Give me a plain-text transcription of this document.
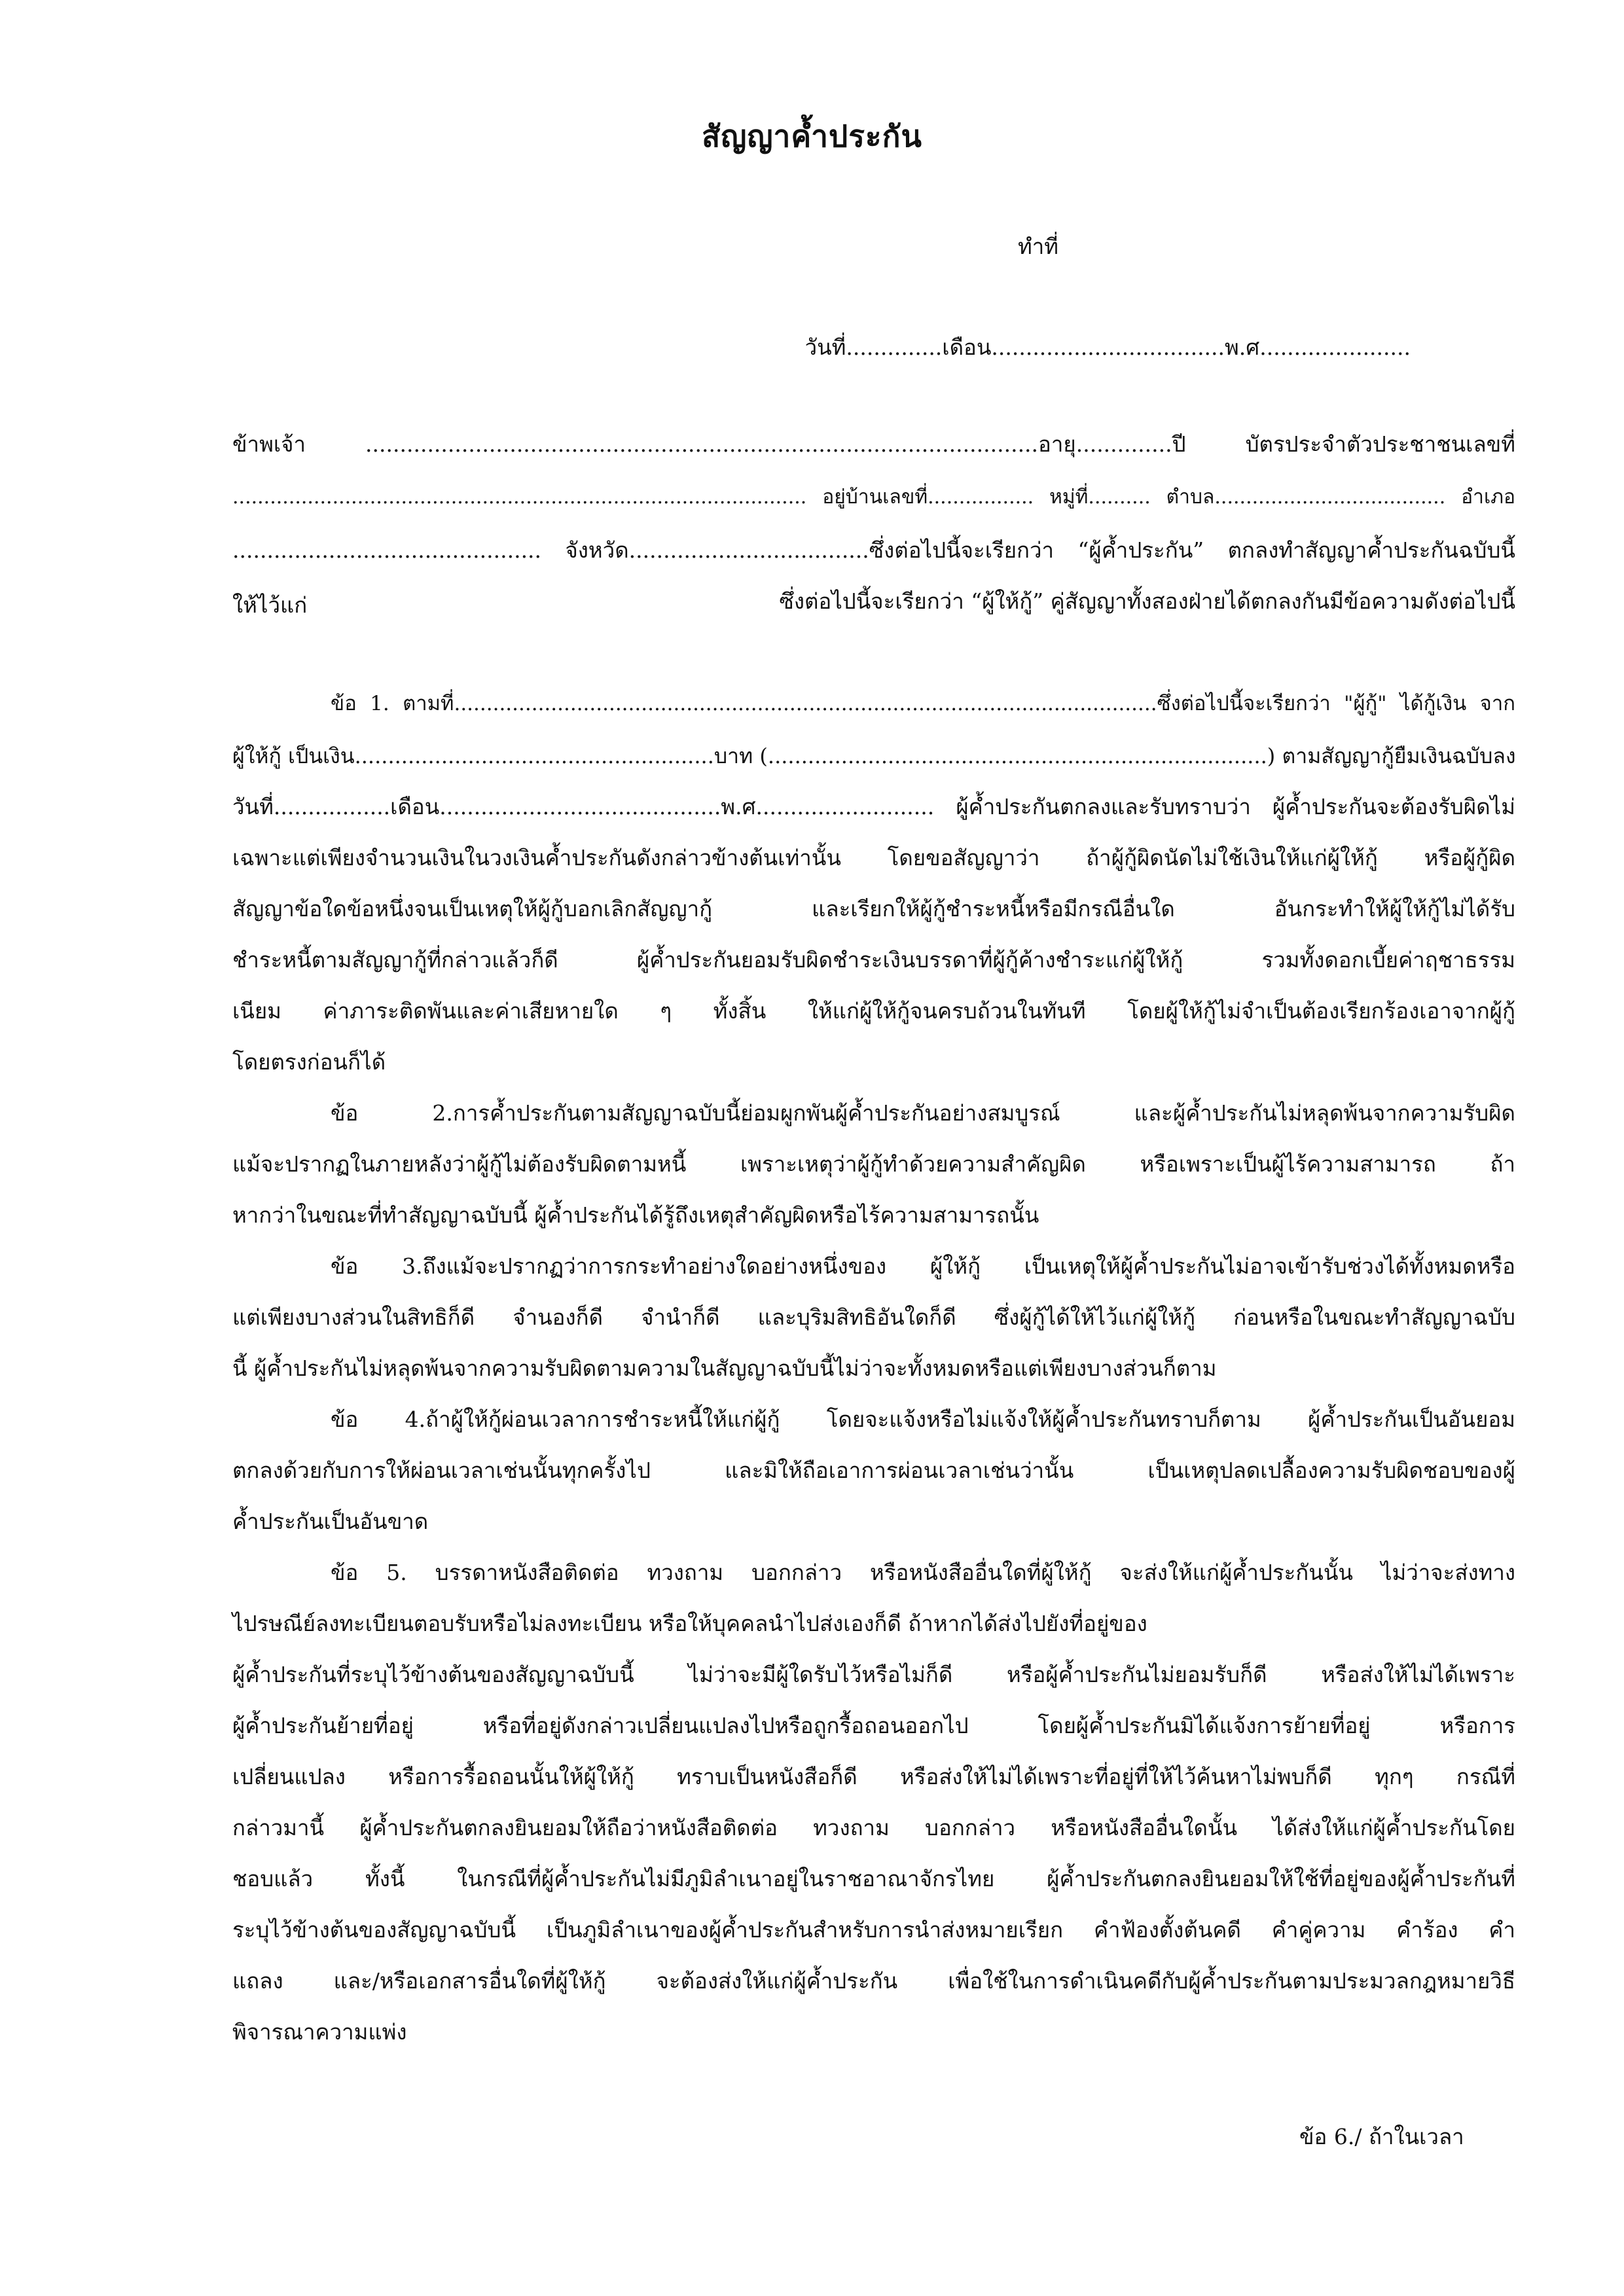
สัญญาค้ำประกัน
ทำที่
วันที่..............เดือน..................................พ.ศ......................
ข้าพเจ้า ..................................................................................................อายุ..............ปี บัตรประจำตัวประชาชนเลขที่
............................................................................................ อยู่บ้านเลขที่................. หมู่ที่.......... ตำบล..................................... อำเภอ
............................................. จังหวัด...................................ซึ่งต่อไปนี้จะเรียกว่า “ผู้ค้ำประกัน” ตกลงทำสัญญาค้ำประกันฉบับนี้
ให้ไว้แก่	ซึ่งต่อไปนี้จะเรียกว่า “ผู้ให้กู้” คู่สัญญาทั้งสองฝ่ายได้ตกลงกันมีข้อความดังต่อไปนี้
ข้อ 1. ตามที่.............................................................................................................ซึ่งต่อไปนี้จะเรียกว่า "ผู้กู้" ได้กู้เงิน จาก
ผู้ให้กู้ เป็นเงิน......................................................บาท (...........................................................................) ตามสัญญากู้ยืมเงินฉบับลง
วันที่.................เดือน.........................................พ.ศ.......................... ผู้ค้ำประกันตกลงและรับทราบว่า ผู้ค้ำประกันจะต้องรับผิดไม่
เฉพาะแต่เพียงจำนวนเงินในวงเงินค้ำประกันดังกล่าวข้างต้นเท่านั้น โดยขอสัญญาว่า ถ้าผู้กู้ผิดนัดไม่ใช้เงินให้แก่ผู้ให้กู้ หรือผู้กู้ผิด
สัญญาข้อใดข้อหนึ่งจนเป็นเหตุให้ผู้กู้บอกเลิกสัญญากู้ และเรียกให้ผู้กู้ชำระหนี้หรือมีกรณีอื่นใด อันกระทำให้ผู้ให้กู้ไม่ได้รับ
ชำระหนี้ตามสัญญากู้ที่กล่าวแล้วก็ดี ผู้ค้ำประกันยอมรับผิดชำระเงินบรรดาที่ผู้กู้ค้างชำระแก่ผู้ให้กู้ รวมทั้งดอกเบี้ยค่าฤชาธรรม
เนียม ค่าภาระติดพันและค่าเสียหายใด ๆ ทั้งสิ้น ให้แก่ผู้ให้กู้จนครบถ้วนในทันที โดยผู้ให้กู้ไม่จำเป็นต้องเรียกร้องเอาจากผู้กู้
โดยตรงก่อนก็ได้
ข้อ 2.การค้ำประกันตามสัญญาฉบับนี้ย่อมผูกพันผู้ค้ำประกันอย่างสมบูรณ์ และผู้ค้ำประกันไม่หลุดพ้นจากความรับผิด
แม้จะปรากฏในภายหลังว่าผู้กู้ไม่ต้องรับผิดตามหนี้ เพราะเหตุว่าผู้กู้ทำด้วยความสำคัญผิด หรือเพราะเป็นผู้ไร้ความสามารถ ถ้า
หากว่าในขณะที่ทำสัญญาฉบับนี้ ผู้ค้ำประกันได้รู้ถึงเหตุสำคัญผิดหรือไร้ความสามารถนั้น
ข้อ 3.ถึงแม้จะปรากฏว่าการกระทำอย่างใดอย่างหนึ่งของ ผู้ให้กู้ เป็นเหตุให้ผู้ค้ำประกันไม่อาจเข้ารับช่วงได้ทั้งหมดหรือ
แต่เพียงบางส่วนในสิทธิก็ดี จำนองก็ดี จำนำก็ดี และบุริมสิทธิอันใดก็ดี ซึ่งผู้กู้ได้ให้ไว้แก่ผู้ให้กู้ ก่อนหรือในขณะทำสัญญาฉบับ
นี้ ผู้ค้ำประกันไม่หลุดพ้นจากความรับผิดตามความในสัญญาฉบับนี้ไม่ว่าจะทั้งหมดหรือแต่เพียงบางส่วนก็ตาม
ข้อ 4.ถ้าผู้ให้กู้ผ่อนเวลาการชำระหนี้ให้แก่ผู้กู้ โดยจะแจ้งหรือไม่แจ้งให้ผู้ค้ำประกันทราบก็ตาม ผู้ค้ำประกันเป็นอันยอม
ตกลงด้วยกับการให้ผ่อนเวลาเช่นนั้นทุกครั้งไป และมิให้ถือเอาการผ่อนเวลาเช่นว่านั้น เป็นเหตุปลดเปลื้องความรับผิดชอบของผู้
ค้ำประกันเป็นอันขาด
ข้อ 5. บรรดาหนังสือติดต่อ ทวงถาม บอกกล่าว หรือหนังสืออื่นใดที่ผู้ให้กู้ จะส่งให้แก่ผู้ค้ำประกันนั้น ไม่ว่าจะส่งทาง
ไปรษณีย์ลงทะเบียนตอบรับหรือไม่ลงทะเบียน หรือให้บุคคลนำไปส่งเองก็ดี ถ้าหากได้ส่งไปยังที่อยู่ของ
ผู้ค้ำประกันที่ระบุไว้ข้างต้นของสัญญาฉบับนี้ ไม่ว่าจะมีผู้ใดรับไว้หรือไม่ก็ดี หรือผู้ค้ำประกันไม่ยอมรับก็ดี หรือส่งให้ไม่ได้เพราะ
ผู้ค้ำประกันย้ายที่อยู่ หรือที่อยู่ดังกล่าวเปลี่ยนแปลงไปหรือถูกรื้อถอนออกไป โดยผู้ค้ำประกันมิได้แจ้งการย้ายที่อยู่ หรือการ
เปลี่ยนแปลง หรือการรื้อถอนนั้นให้ผู้ให้กู้ ทราบเป็นหนังสือก็ดี หรือส่งให้ไม่ได้เพราะที่อยู่ที่ให้ไว้ค้นหาไม่พบก็ดี ทุกๆ กรณีที่
กล่าวมานี้ ผู้ค้ำประกันตกลงยินยอมให้ถือว่าหนังสือติดต่อ ทวงถาม บอกกล่าว หรือหนังสืออื่นใดนั้น ได้ส่งให้แก่ผู้ค้ำประกันโดย
ชอบแล้ว ทั้งนี้ ในกรณีที่ผู้ค้ำประกันไม่มีภูมิลำเนาอยู่ในราชอาณาจักรไทย ผู้ค้ำประกันตกลงยินยอมให้ใช้ที่อยู่ของผู้ค้ำประกันที่
ระบุไว้ข้างต้นของสัญญาฉบับนี้ เป็นภูมิลำเนาของผู้ค้ำประกันสำหรับการนำส่งหมายเรียก คำฟ้องตั้งต้นคดี คำคู่ความ คำร้อง คำ
แถลง และ/หรือเอกสารอื่นใดที่ผู้ให้กู้ จะต้องส่งให้แก่ผู้ค้ำประกัน เพื่อใช้ในการดำเนินคดีกับผู้ค้ำประกันตามประมวลกฎหมายวิธี
พิจารณาความแพ่ง
ข้อ 6./ ถ้าในเวลา
